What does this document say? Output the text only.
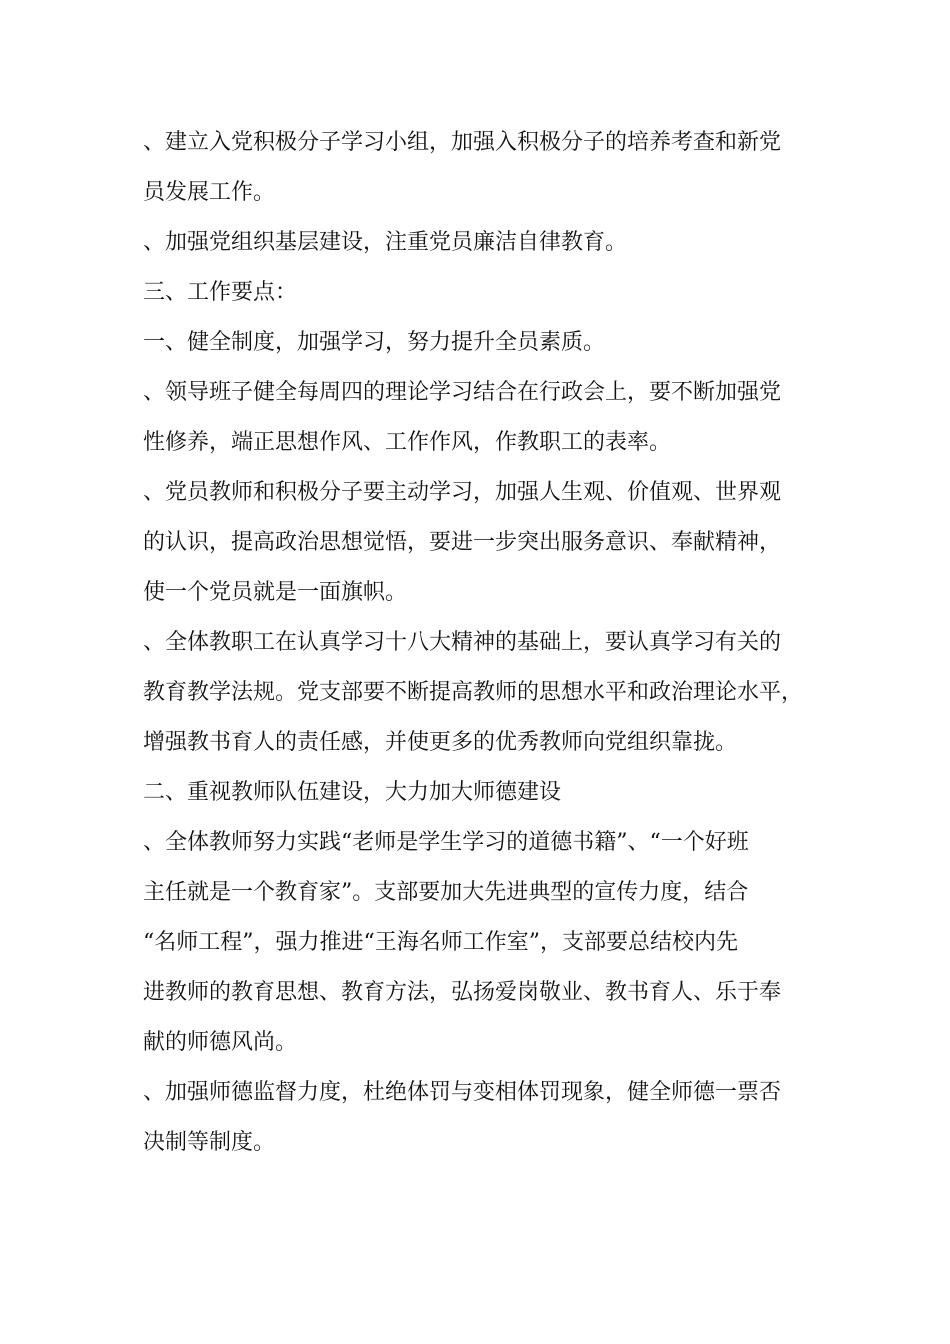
、建立入党积极分子学习小组，加强入积极分子的培养考查和新党
员发展工作。
、加强党组织基层建设，注重党员廉洁自律教育。
三、工作要点：
一、健全制度，加强学习，努力提升全员素质。
、领导班子健全每周四的理论学习结合在行政会上，要不断加强党
性修养，端正思想作风、工作作风，作教职工的表率。
、党员教师和积极分子要主动学习，加强人生观、价值观、世界观
的认识，提高政治思想觉悟，要进一步突出服务意识、奉献精神，
使一个党员就是一面旗帜。
、全体教职工在认真学习十八大精神的基础上，要认真学习有关的
教育教学法规。党支部要不断提高教师的思想水平和政治理论水平，
增强教书育人的责任感，并使更多的优秀教师向党组织靠拢。
二、重视教师队伍建设，大力加大师德建设
、全体教师努力实践“老师是学生学习的道德书籍”、“一个好班
主任就是一个教育家”。支部要加大先进典型的宣传力度，结合
“名师工程”，强力推进“王海名师工作室”，支部要总结校内先
进教师的教育思想、教育方法，弘扬爱岗敬业、教书育人、乐于奉
献的师德风尚。
、加强师德监督力度，杜绝体罚与变相体罚现象，健全师德一票否
决制等制度。
